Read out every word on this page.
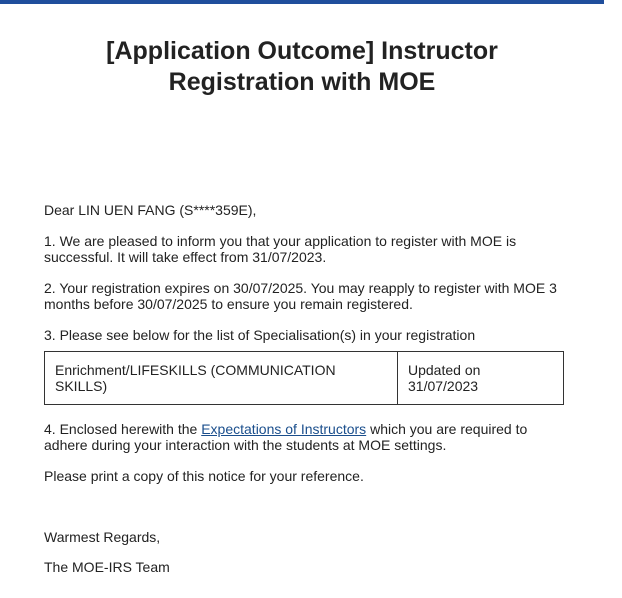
[Application Outcome] Instructor
Registration with MOE

Dear LIN UEN FANG (S****359E),

1. We are pleased to inform you that your application to register with MOE is successful. It will take effect from 31/07/2023.

2. Your registration expires on 30/07/2025. You may reapply to register with MOE 3 months before 30/07/2025 to ensure you remain registered.

3. Please see below for the list of Specialisation(s) in your registration

Enrichment/LIFESKILLS (COMMUNICATION SKILLS)	Updated on 31/07/2023

4. Enclosed herewith the Expectations of Instructors which you are required to adhere during your interaction with the students at MOE settings.

Please print a copy of this notice for your reference.

Warmest Regards,

The MOE-IRS Team
